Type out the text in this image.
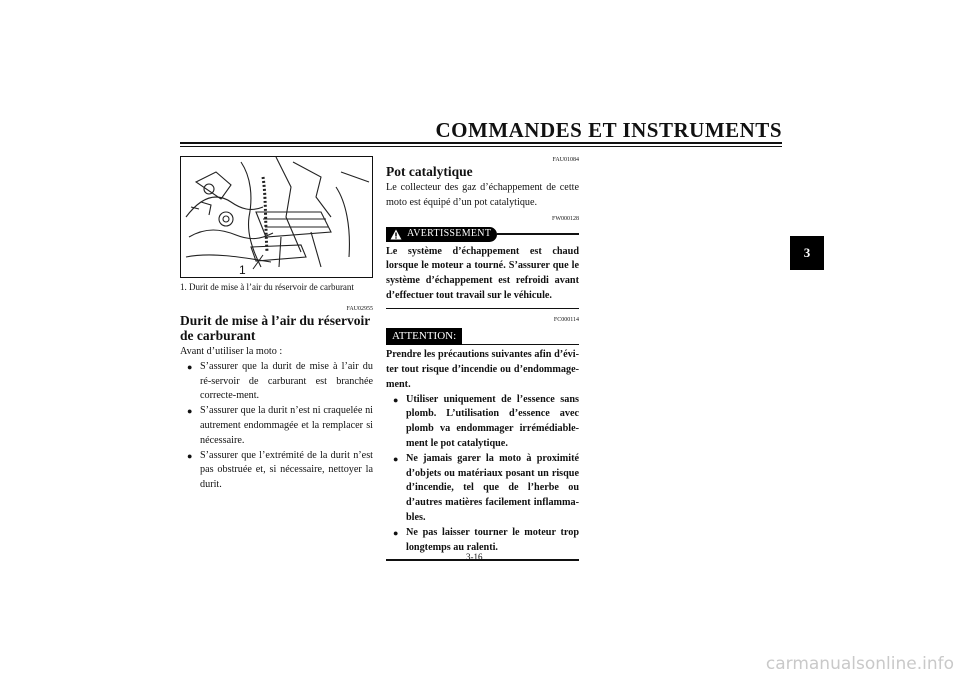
COMMANDES ET INSTRUMENTS
3
1
1. Durit de mise à l’air du réservoir de carburant
FAU02955
Durit de mise à l’air du réservoir de carburant

Avant d’utiliser la moto :

● S’assurer que la durit de mise à l’air du ré-servoir de carburant est branchée correcte-ment.
● S’assurer que la durit n’est ni craquelée ni autrement endommagée et la remplacer si nécessaire.
● S’assurer que l’extrémité de la durit n’est pas obstruée et, si nécessaire, nettoyer la durit.
FAU01084
Pot catalytique

Le collecteur des gaz d’échappement de cette moto est équipé d’un pot catalytique.

FW000128
AVERTISSEMENT

Le système d’échappement est chaud lorsque le moteur a tourné. S’assurer que le système d’échappement est refroidi avant d’effectuer tout travail sur le véhicule.

FC000114
ATTENTION:

Prendre les précautions suivantes afin d’évi-ter tout risque d’incendie ou d’endommage-ment.

● Utiliser uniquement de l’essence sans plomb. L’utilisation d’essence avec plomb va endommager irrémédiable-ment le pot catalytique.
● Ne jamais garer la moto à proximité d’objets ou matériaux posant un risque d’incendie, tel que de l’herbe ou d’autres matières facilement inflamma-bles.
● Ne pas laisser tourner le moteur trop longtemps au ralenti.
3-16
carmanualsonline.info
